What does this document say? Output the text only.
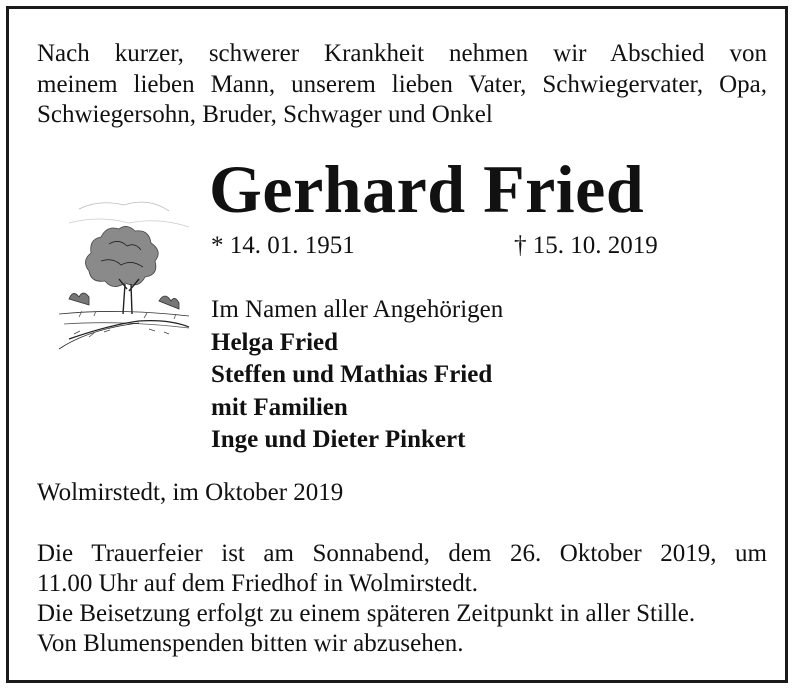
Nach kurzer, schwerer Krankheit nehmen wir Abschied von
meinem lieben Mann, unserem lieben Vater, Schwiegervater, Opa,
Schwiegersohn, Bruder, Schwager und Onkel
Gerhard Fried
* 14. 01. 1951	† 15. 10. 2019
Im Namen aller Angehörigen
Helga Fried
Steffen und Mathias Fried
mit Familien
Inge und Dieter Pinkert
Wolmirstedt, im Oktober 2019
Die Trauerfeier ist am Sonnabend, dem 26. Oktober 2019, um
11.00 Uhr auf dem Friedhof in Wolmirstedt.
Die Beisetzung erfolgt zu einem späteren Zeitpunkt in aller Stille.
Von Blumenspenden bitten wir abzusehen.
